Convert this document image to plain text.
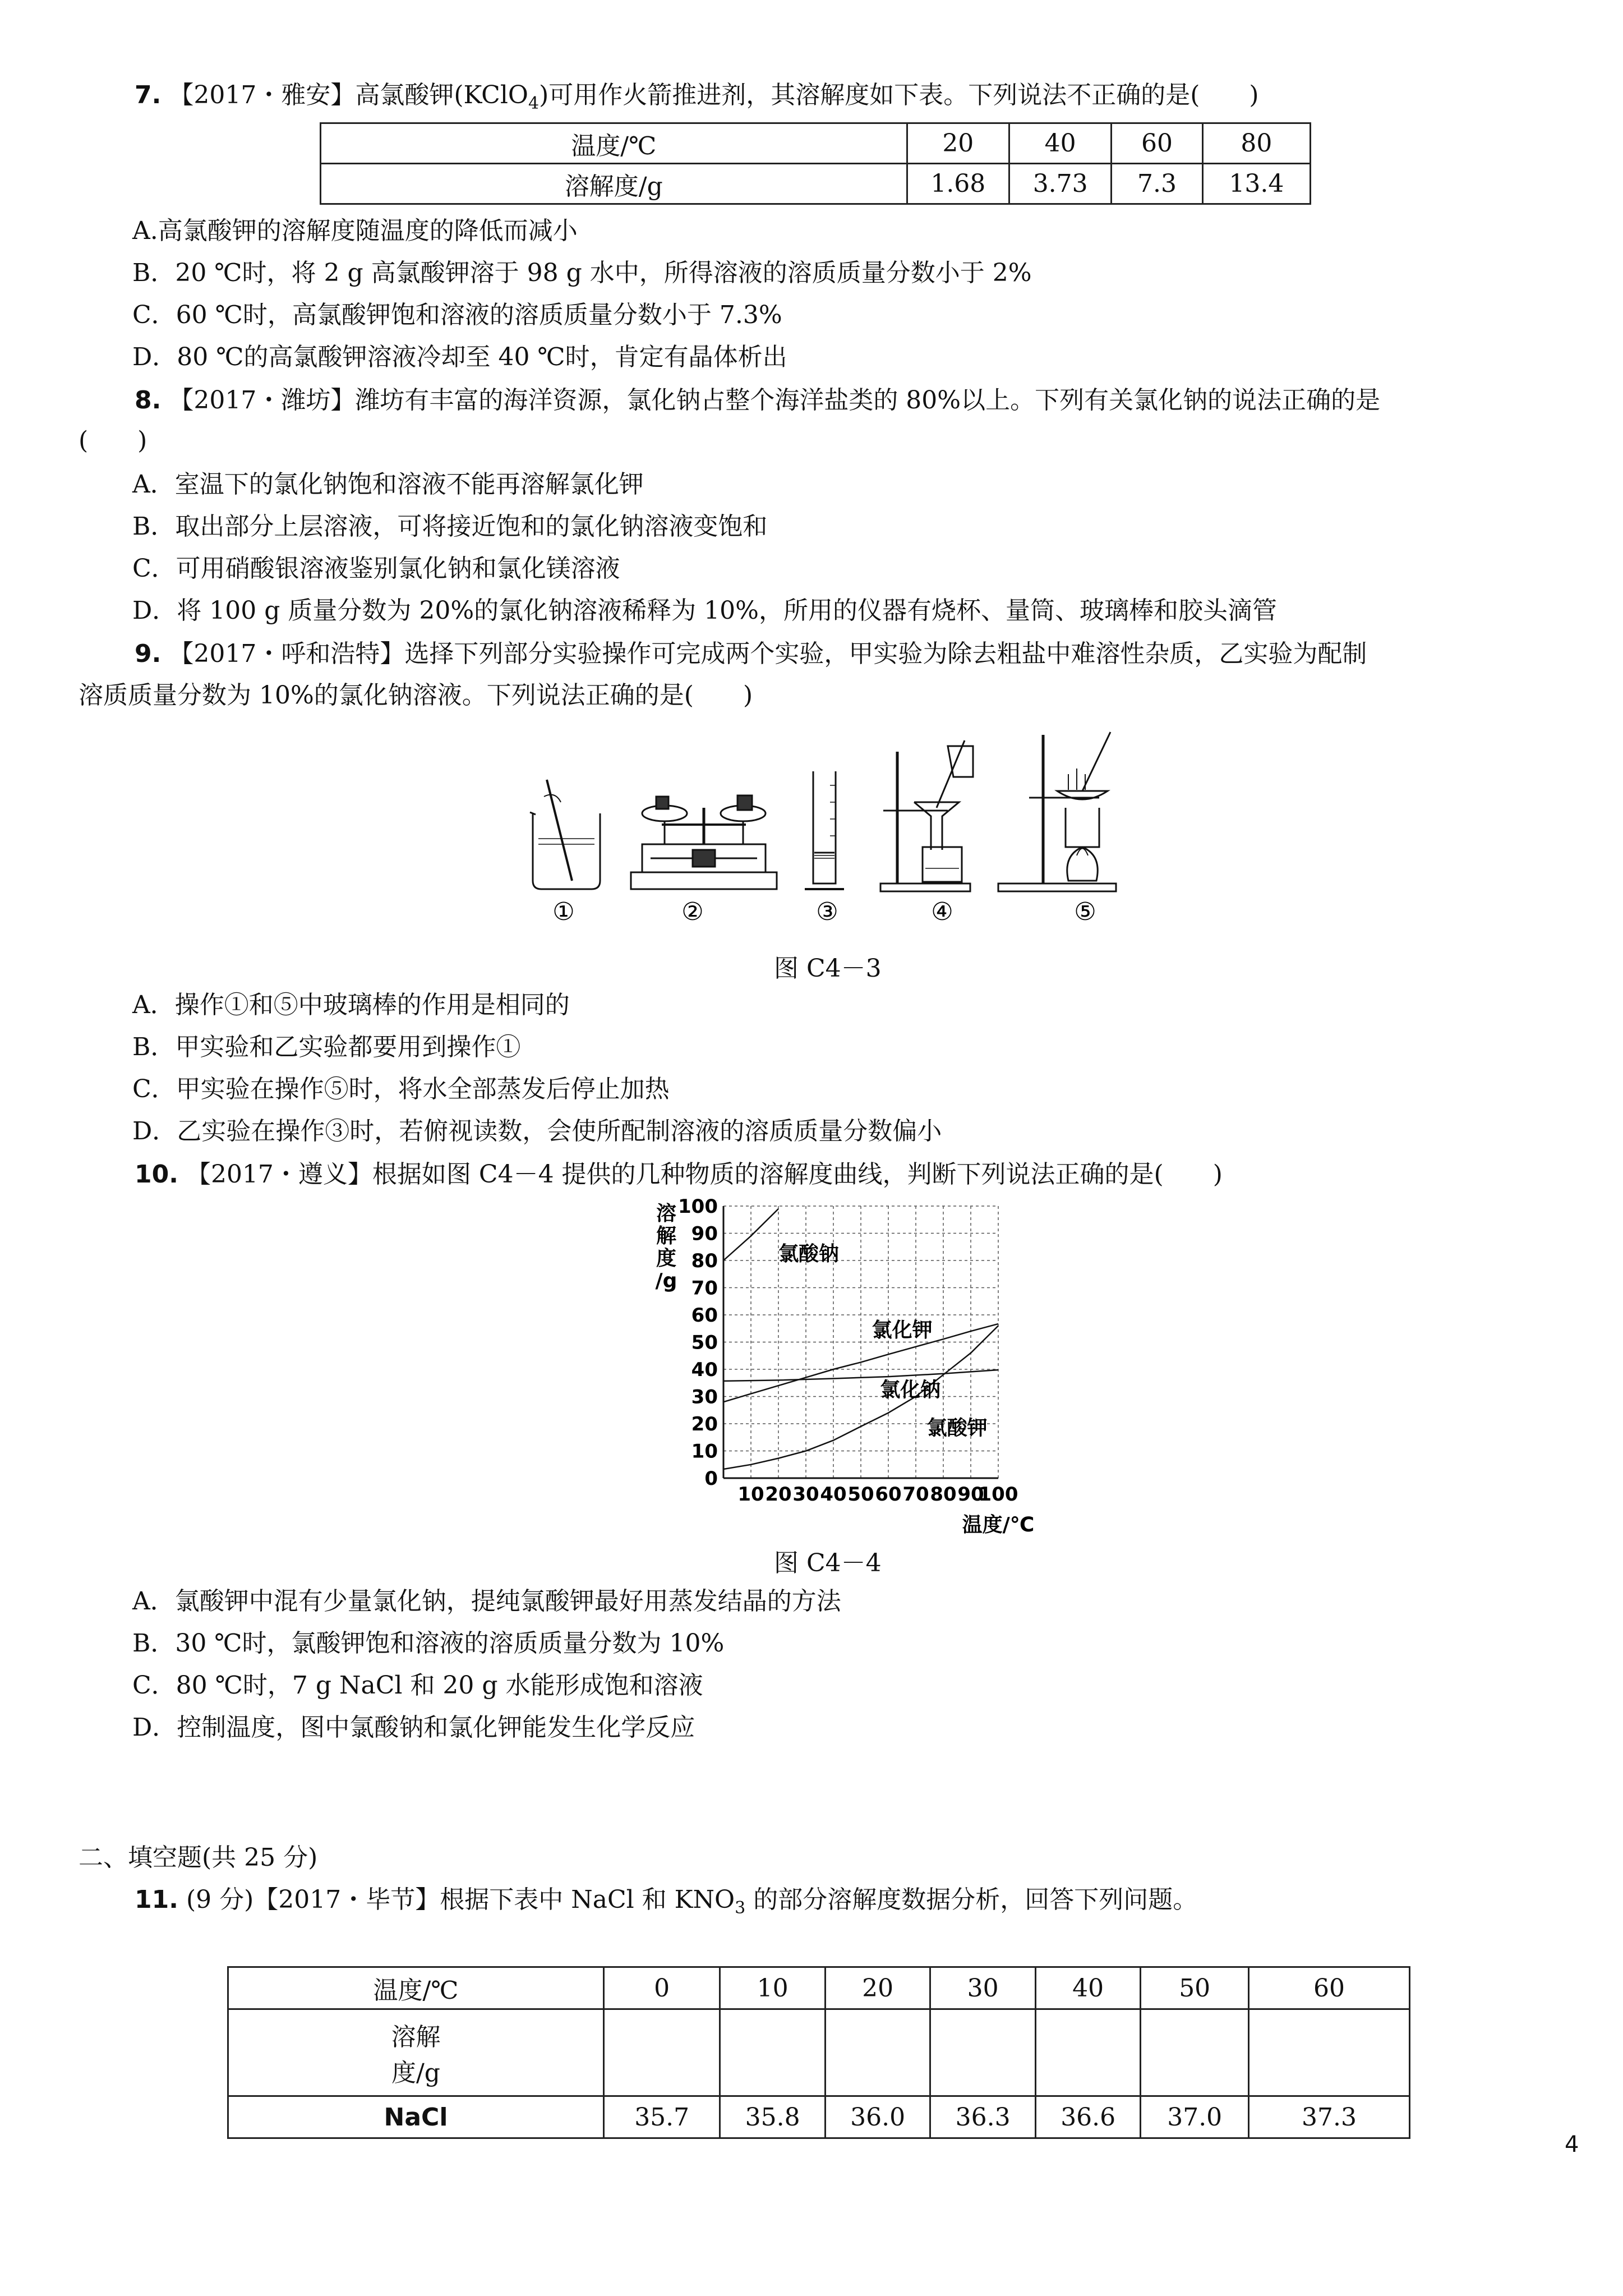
7. 【2017・雅安】高氯酸钾(KClO$_4$)可用作火箭推进剂，其溶解度如下表。下列说法不正确的是(　　)
温度/℃	20	40	60	80
溶解度/g	1.68	3.73	7.3	13.4
A.高氯酸钾的溶解度随温度的降低而减小
B．20 ℃时，将 2 g 高氯酸钾溶于 98 g 水中，所得溶液的溶质质量分数小于 2%
C．60 ℃时，高氯酸钾饱和溶液的溶质质量分数小于 7.3%
D．80 ℃的高氯酸钾溶液冷却至 40 ℃时，肯定有晶体析出
8. 【2017・潍坊】潍坊有丰富的海洋资源，氯化钠占整个海洋盐类的 80%以上。下列有关氯化钠的说法正确的是
(　　)
A．室温下的氯化钠饱和溶液不能再溶解氯化钾
B．取出部分上层溶液，可将接近饱和的氯化钠溶液变饱和
C．可用硝酸银溶液鉴别氯化钠和氯化镁溶液
D．将 100 g 质量分数为 20%的氯化钠溶液稀释为 10%，所用的仪器有烧杯、量筒、玻璃棒和胶头滴管
9. 【2017・呼和浩特】选择下列部分实验操作可完成两个实验，甲实验为除去粗盐中难溶性杂质，乙实验为配制
溶质质量分数为 10%的氯化钠溶液。下列说法正确的是(　　)
①	②	③	④	⑤
图 C4－3
A．操作①和⑤中玻璃棒的作用是相同的
B．甲实验和乙实验都要用到操作①
C．甲实验在操作⑤时，将水全部蒸发后停止加热
D．乙实验在操作③时，若俯视读数，会使所配制溶液的溶质质量分数偏小
10. 【2017・遵义】根据如图 C4－4 提供的几种物质的溶解度曲线，判断下列说法正确的是(　　)
0
10
20
30
40
50
60
70
80
90
100
10 20 30 40 50 60 70 80 90
100
氯酸钠
氯化钾
氯化钠
氯酸钾
溶
解
度
/g
温度/℃
图 C4－4
A．氯酸钾中混有少量氯化钠，提纯氯酸钾最好用蒸发结晶的方法
B．30 ℃时，氯酸钾饱和溶液的溶质质量分数为 10%
C．80 ℃时，7 g NaCl 和 20 g 水能形成饱和溶液
D．控制温度，图中氯酸钠和氯化钾能发生化学反应
二、填空题(共 25 分)
11. (9 分)【2017・毕节】根据下表中 NaCl 和 $KNO_3$ 的部分溶解度数据分析，回答下列问题。
温度/℃	0	10	20	30	40	50	60

溶解
度/g							

NaCl	35.7	35.8	36.0	36.3	36.6	37.0	37.3
4
